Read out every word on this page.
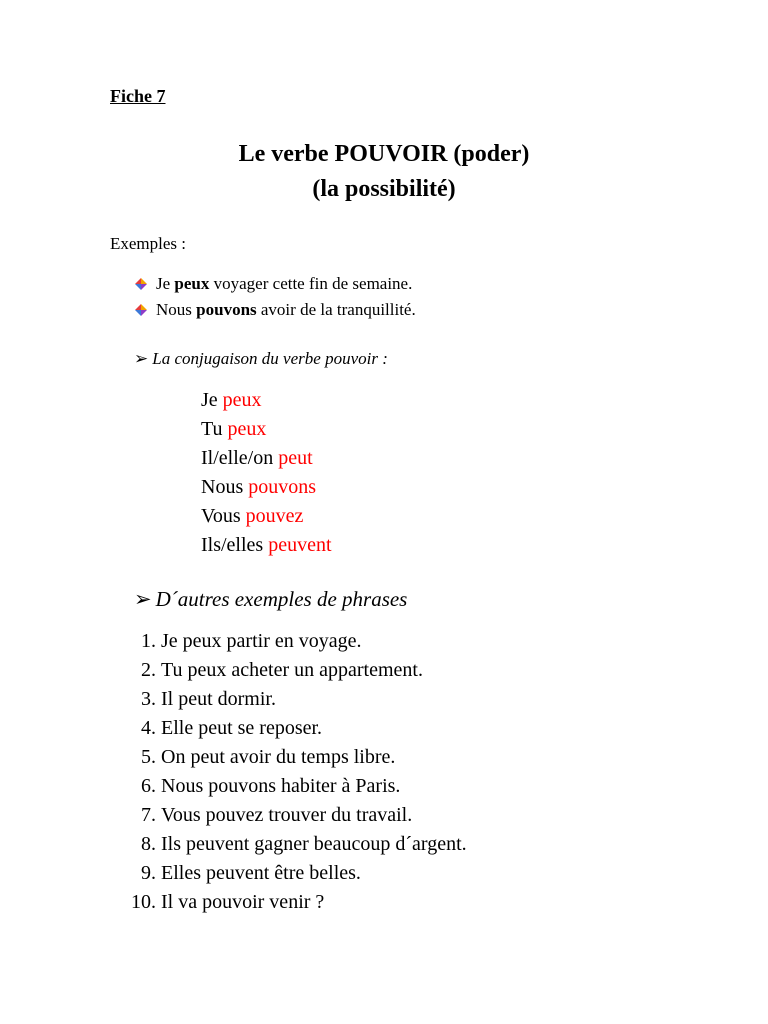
Fiche 7
Le verbe POUVOIR (poder)
(la possibilité)
Exemples :
Je peux voyager cette fin de semaine.
Nous pouvons avoir de la tranquillité.
➢ La conjugaison du verbe pouvoir :
Je peux
Tu peux
Il/elle/on peut
Nous pouvons
Vous pouvez
Ils/elles peuvent
➢ D´autres exemples de phrases
1.
Je peux partir en voyage.
2.
Tu peux acheter un appartement.
3.
Il peut dormir.
4.
Elle peut se reposer.
5.
On peut avoir du temps libre.
6.
Nous pouvons habiter à Paris.
7.
Vous pouvez trouver du travail.
8.
Ils peuvent gagner beaucoup d´argent.
9.
Elles peuvent être belles.
10.
Il va pouvoir venir ?
